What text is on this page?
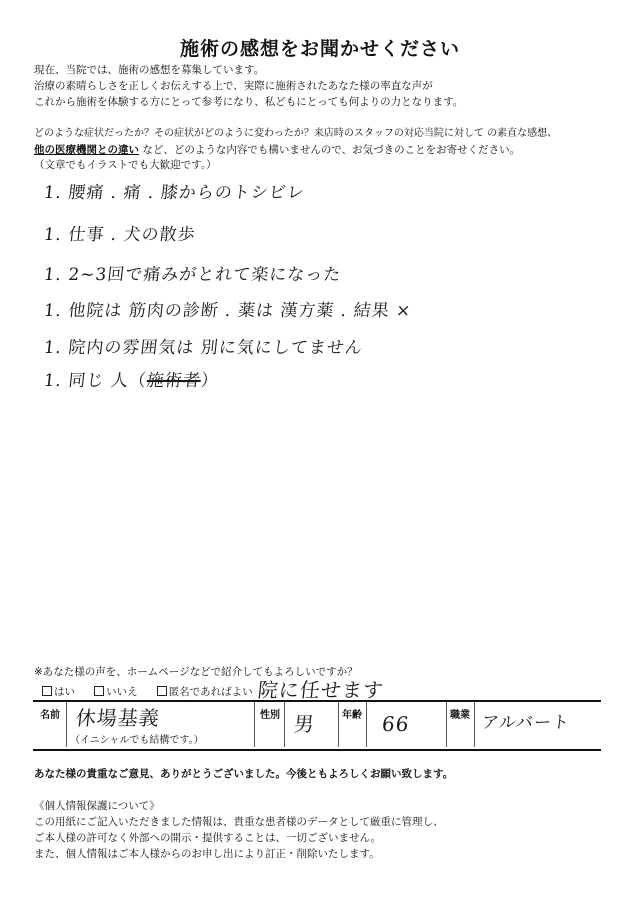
施術の感想をお聞かせください
現在、当院では、施術の感想を募集しています。
治療の素晴らしさを正しくお伝えする上で、実際に施術されたあなた様の率直な声が
これから施術を体験する方にとって参考になり、私どもにとっても何よりの力となります。
どのような症状だったか？その症状がどのように変わったか？来店時のスタッフの対応当院に対して の素直な感想、
他の医療機関との違い など、どのような内容でも構いませんので、お気づきのことをお寄せください。
（文章でもイラストでも大歓迎です。）
1. 腰痛 . 痛 . 膝からのトシビレ
1. 仕事 . 犬の散歩
1. 2~3回で痛みがとれて楽になった
1. 他院は 筋肉の診断 . 薬は 漢方薬 . 結果 ×
1. 院内の雰囲気は 別に気にしてません
1. 同じ 人（施術者）
※あなた様の声を、ホームページなどで紹介してもよろしいですか？
はい	いいえ	匿名であればよい 院に任せます
名前 休場基義
（イニシャルでも結構です。）
性別 男	年齢 66	職業 アルバート
あなた様の貴重なご意見、ありがとうございました。今後ともよろしくお願い致します。
《個人情報保護について》
この用紙にご記入いただきました情報は、貴重な患者様のデータとして厳重に管理し、
ご本人様の許可なく外部への開示・提供することは、一切ございません。
また、個人情報はご本人様からのお申し出により訂正・削除いたします。
